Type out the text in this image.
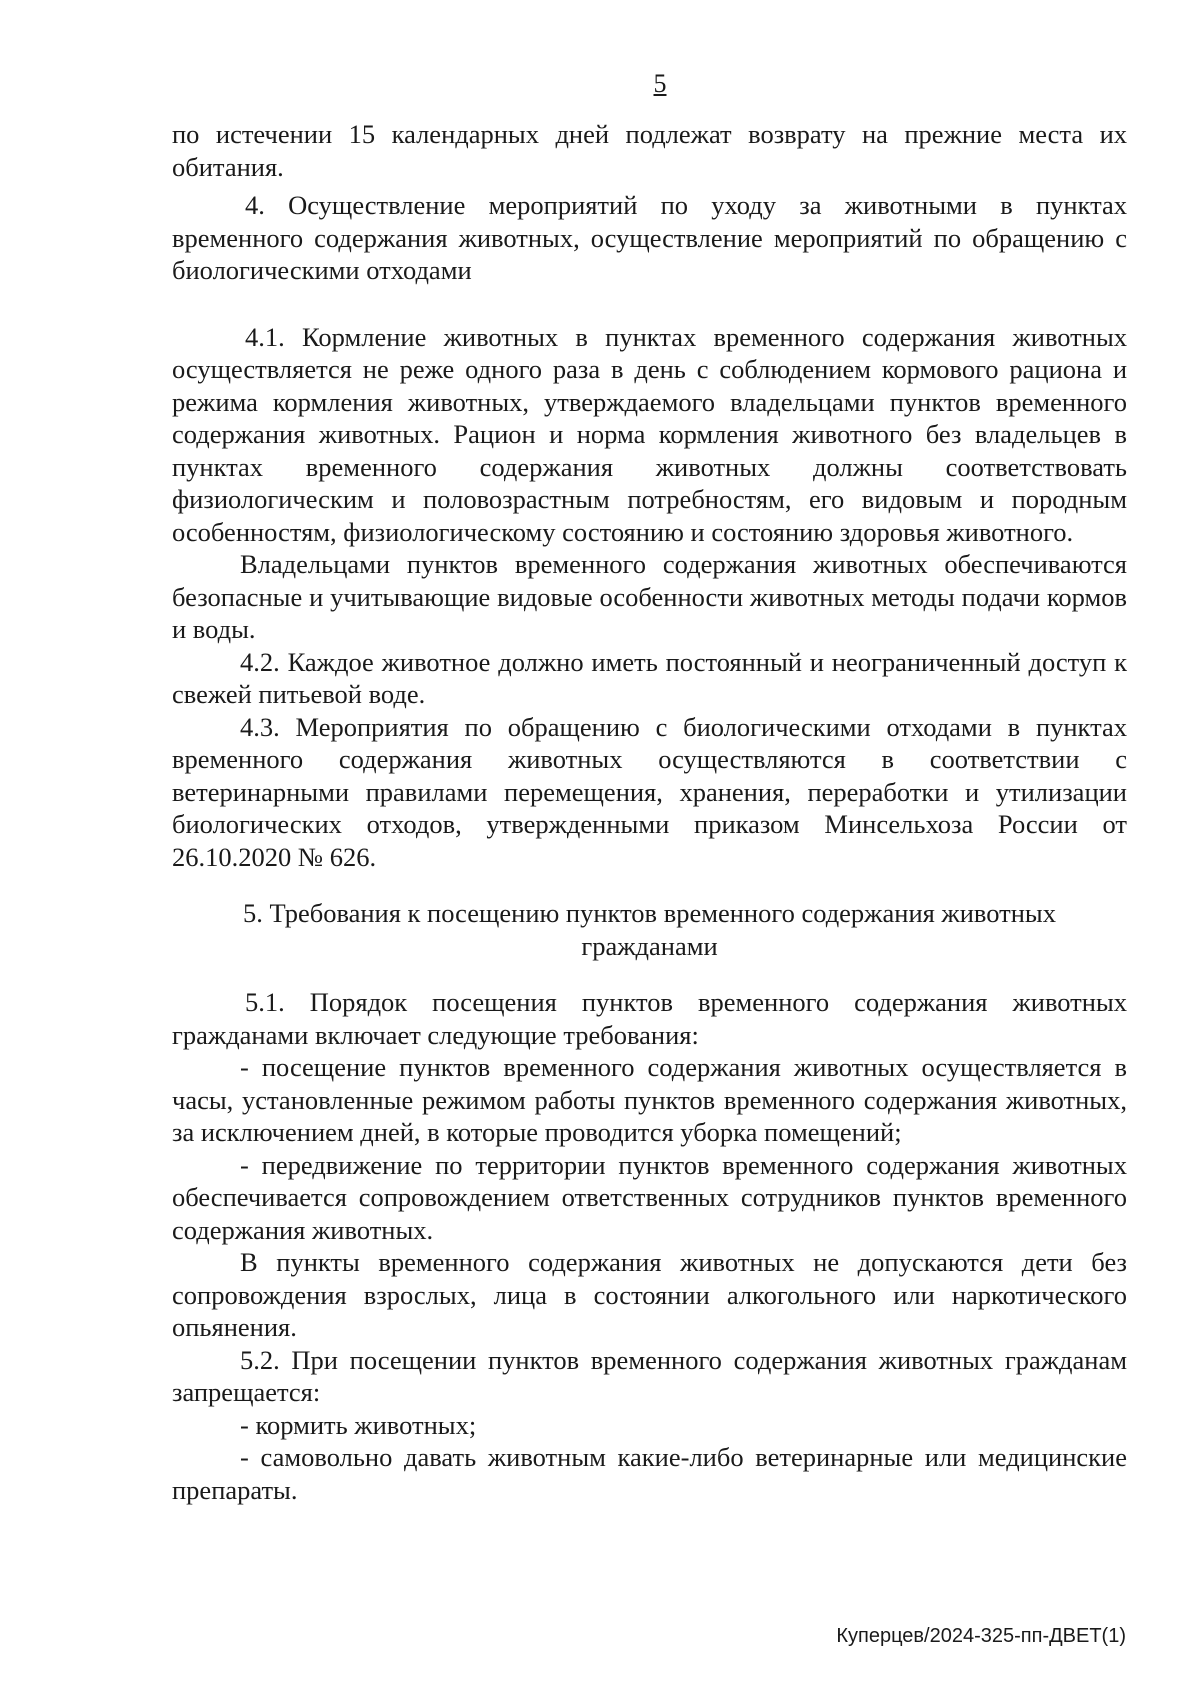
5

по истечении 15 календарных дней подлежат возврату на прежние места их обитания.

4. Осуществление мероприятий по уходу за животными в пунктах временного содержания животных, осуществление мероприятий по обращению с биологическими отходами

4.1. Кормление животных в пунктах временного содержания животных осуществляется не реже одного раза в день с соблюдением кормового рациона и режима кормления животных, утверждаемого владельцами пунктов временного содержания животных. Рацион и норма кормления животного без владельцев в пунктах временного содержания животных должны соответствовать физиологическим и половозрастным потребностям, его видовым и породным особенностям, физиологическому состоянию и состоянию здоровья животного.

Владельцами пунктов временного содержания животных обеспечиваются безопасные и учитывающие видовые особенности животных методы подачи кормов и воды.

4.2. Каждое животное должно иметь постоянный и неограниченный доступ к свежей питьевой воде.

4.3. Мероприятия по обращению с биологическими отходами в пунктах временного содержания животных осуществляются в соответствии с ветеринарными правилами перемещения, хранения, переработки и утилизации биологических отходов, утвержденными приказом Минсельхоза России от 26.10.2020 № 626.

5. Требования к посещению пунктов временного содержания животных

гражданами

5.1. Порядок посещения пунктов временного содержания животных гражданами включает следующие требования:

- посещение пунктов временного содержания животных осуществляется в часы, установленные режимом работы пунктов временного содержания животных, за исключением дней, в которые проводится уборка помещений;

- передвижение по территории пунктов временного содержания животных обеспечивается сопровождением ответственных сотрудников пунктов временного содержания животных.

В пункты временного содержания животных не допускаются дети без сопровождения взрослых, лица в состоянии алкогольного или наркотического опьянения.

5.2. При посещении пунктов временного содержания животных гражданам запрещается:

- кормить животных;

- самовольно давать животным какие-либо ветеринарные или медицинские препараты.

Куперцев/2024-325-пп-ДВЕТ(1)
